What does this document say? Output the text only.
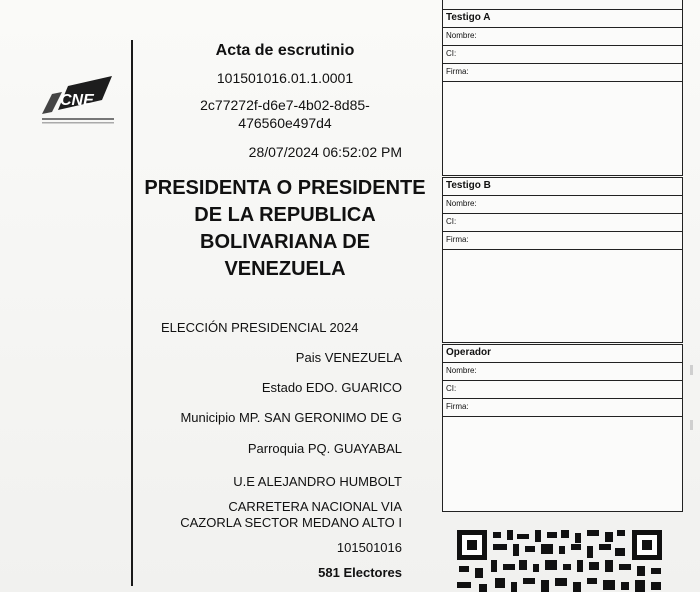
CNE
Acta de escrutinio
101501016.01.1.0001
2c77272f-d6e7-4b02-8d85-
476560e497d4
28/07/2024 06:52:02 PM
PRESIDENTA O PRESIDENTE DE LA REPUBLICA BOLIVARIANA DE VENEZUELA
ELECCIÓN PRESIDENCIAL 2024
Pais VENEZUELA
Estado EDO. GUARICO
Municipio MP. SAN GERONIMO DE G
Parroquia PQ. GUAYABAL
U.E ALEJANDRO HUMBOLT
CARRETERA NACIONAL VIA
CAZORLA SECTOR MEDANO ALTO I
101501016
581 Electores
Testigo A
Nombre:
CI:
Firma:
Testigo B
Nombre:
CI:
Firma:
Operador
Nombre:
CI:
Firma:
